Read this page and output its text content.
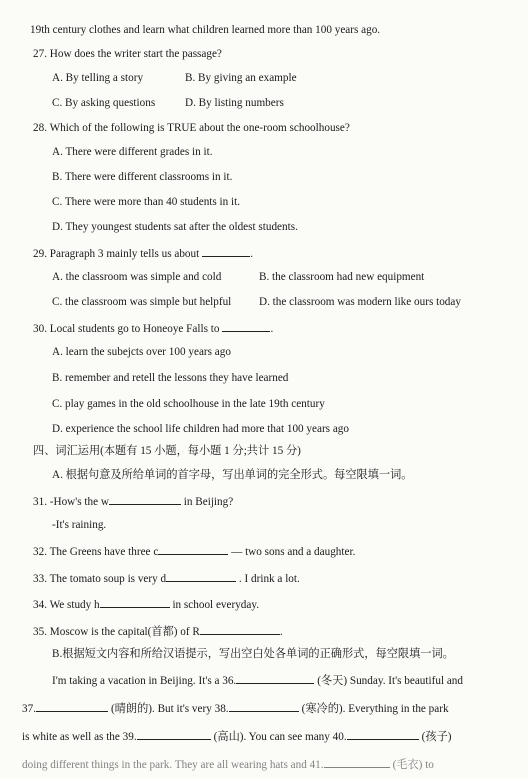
19th century clothes and learn what children learned more than 100 years ago.
27. How does the writer start the passage?
A. By telling a story	B. By giving an example
C. By asking questions	D. By listing numbers
28. Which of the following is TRUE about the one-room schoolhouse?
A. There were different grades in it.
B. There were different classrooms in it.
C. There were more than 40 students in it.
D. They youngest students sat after the oldest students.
29. Paragraph 3 mainly tells us about	.
A. the classroom was simple and cold	B. the classroom had new equipment
C. the classroom was simple but helpful D. the classroom was modern like ours today
30. Local students go to Honeoye Falls to	.
A. learn the subejcts over 100 years ago
B. remember and retell the lessons they have learned
C. play games in the old schoolhouse in the late 19th century
D. experience the school life children had more that 100 years ago
四、词汇运用(本题有 15 小题，每小题 1 分;共计 15 分)
A. 根据句意及所给单词的首字母，写出单词的完全形式。每空限填一词。
31. -How's the w	in Beijing?
-It's raining.
32. The Greens have three c	— two sons and a daughter.
33. The tomato soup is very d	. I drink a lot.
34. We study h	in school everyday.
35. Moscow is the capital(首都) of R	.
B.根据短文内容和所给汉语提示，写出空白处各单词的正确形式，每空限填一词。
I'm taking a vacation in Beijing. It's a 36.	(冬天) Sunday. It's beautiful and
37.	(晴朗的). But it's very 38.	(寒冷的). Everything in the park
is white as well as the 39.	(高山). You can see many 40.	(孩子)
doing different things in the park. They are all wearing hats and 41.	(毛衣) to
